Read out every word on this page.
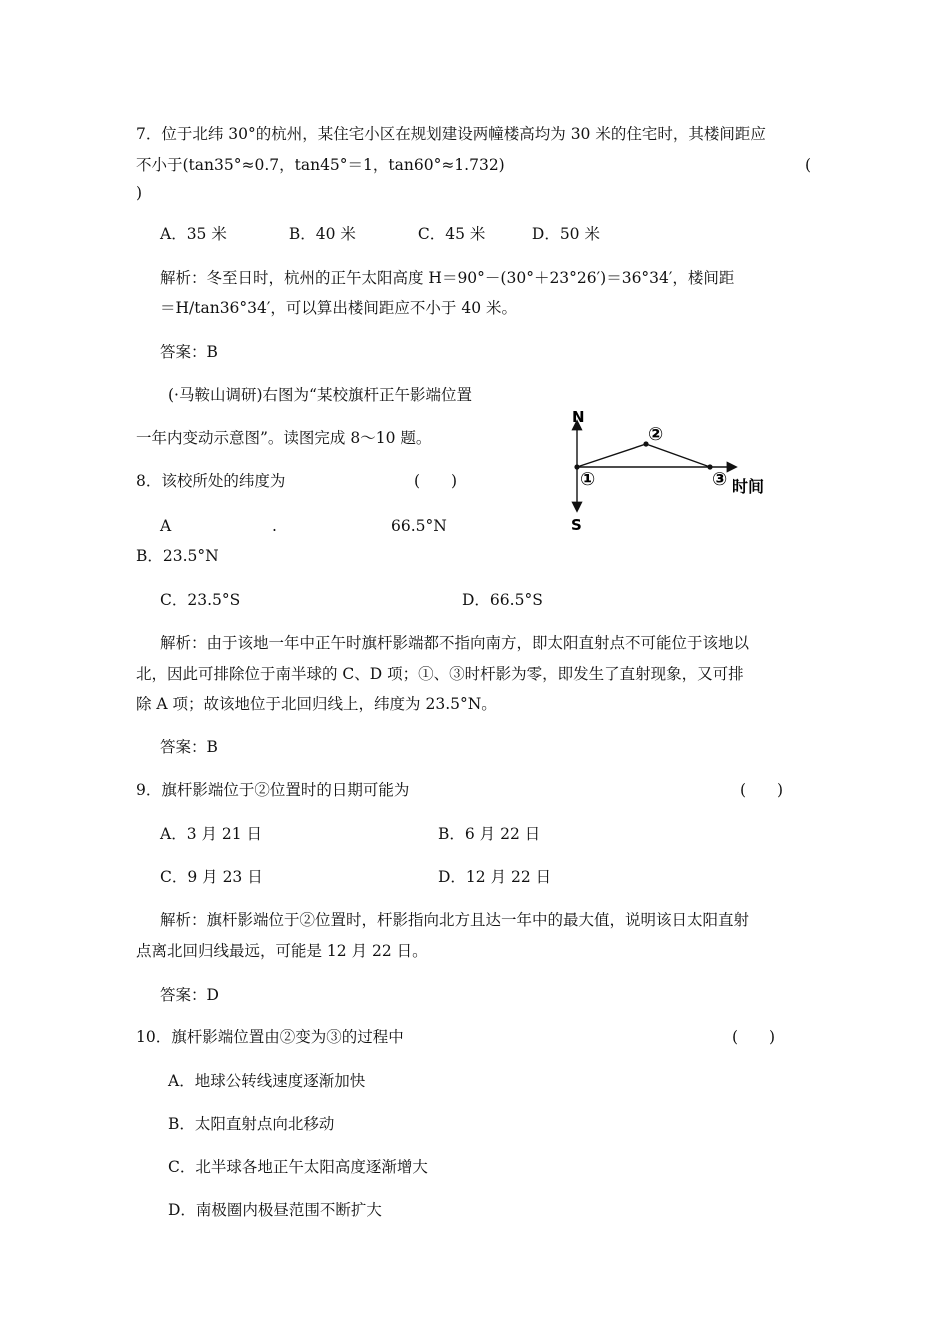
7．位于北纬 30°的杭州，某住宅小区在规划建设两幢楼高均为 30 米的住宅时，其楼间距应
不小于(tan35°≈0.7，tan45°＝1，tan60°≈1.732)	(
)
A．35 米　　　　B．40 米　　　　C．45 米　　　D．50 米
解析：冬至日时，杭州的正午太阳高度 H＝90°－(30°＋23°26′)＝36°34′，楼间距
＝H/tan36°34′，可以算出楼间距应不小于 40 米。
答案：B
(·马鞍山调研)右图为“某校旗杆正午影端位置
一年内变动示意图”。读图完成 8～10 题。
N
S
①
②
③ 时间
8．该校所处的纬度为	(　　)
A	.	66.5°N
B．23.5°N
C．23.5°S	D．66.5°S
解析：由于该地一年中正午时旗杆影端都不指向南方，即太阳直射点不可能位于该地以
北，因此可排除位于南半球的 C、D 项；①、③时杆影为零，即发生了直射现象，又可排
除 A 项；故该地位于北回归线上，纬度为 23.5°N。
答案：B
9．旗杆影端位于②位置时的日期可能为	(　　)
A．3 月 21 日	B．6 月 22 日
C．9 月 23 日	D．12 月 22 日
解析：旗杆影端位于②位置时，杆影指向北方且达一年中的最大值，说明该日太阳直射
点离北回归线最远，可能是 12 月 22 日。
答案：D
10．旗杆影端位置由②变为③的过程中	(　　)
A．地球公转线速度逐渐加快
B．太阳直射点向北移动
C．北半球各地正午太阳高度逐渐增大
D．南极圈内极昼范围不断扩大
